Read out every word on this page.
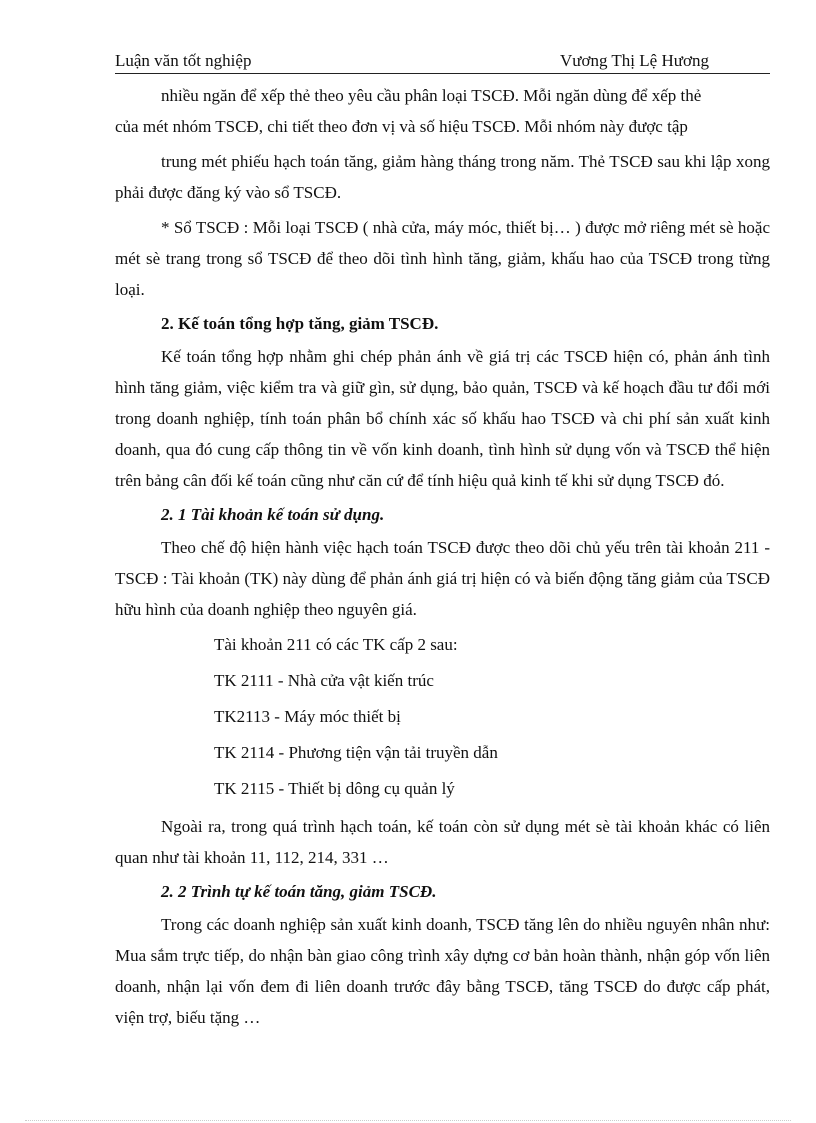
Luận văn tốt nghiệp	Vương Thị Lệ Hương

nhiều ngăn để xếp thẻ theo yêu cầu phân loại TSCĐ. Mỗi ngăn dùng để xếp thẻ

của mét nhóm TSCĐ, chi tiết theo đơn vị và số hiệu TSCĐ. Mỗi nhóm này được tập

trung mét phiếu hạch toán tăng, giảm hàng tháng trong năm. Thẻ TSCĐ sau khi lập xong phải được đăng ký vào sổ TSCĐ.

* Sổ TSCĐ : Mỗi loại TSCĐ ( nhà cửa, máy móc, thiết bị… ) được mở riêng mét sè hoặc mét sè trang trong sổ TSCĐ để theo dõi tình hình tăng, giảm, khấu hao của TSCĐ trong từng loại.

2. Kế toán tổng hợp tăng, giảm TSCĐ.

Kế toán tổng hợp nhằm ghi chép phản ánh về giá trị các TSCĐ hiện có, phản ánh tình hình tăng giảm, việc kiểm tra và giữ gìn, sử dụng, bảo quản, TSCĐ và kế hoạch đầu tư đổi mới trong doanh nghiệp, tính toán phân bổ chính xác số khấu hao TSCĐ và chi phí sản xuất kinh doanh, qua đó cung cấp thông tin về vốn kinh doanh, tình hình sử dụng vốn và TSCĐ thể hiện trên bảng cân đối kế toán cũng như căn cứ để tính hiệu quả kinh tế khi sử dụng TSCĐ đó.

2. 1 Tài khoản kế toán sử dụng.

Theo chế độ hiện hành việc hạch toán TSCĐ được theo dõi chủ yếu trên tài khoản 211 - TSCĐ : Tài khoản (TK) này dùng để phản ánh giá trị hiện có và biến động tăng giảm của TSCĐ hữu hình của doanh nghiệp theo nguyên giá.

Tài khoản 211 có các TK cấp 2 sau:
TK 2111 - Nhà cửa vật kiến trúc
TK2113 - Máy móc thiết bị
TK 2114 - Phương tiện vận tải truyền dẫn
TK 2115 - Thiết bị dông cụ quản lý

Ngoài ra, trong quá trình hạch toán, kế toán còn sử dụng mét sè tài khoản khác có liên quan như tài khoản 11, 112, 214, 331 …

2. 2 Trình tự kế toán tăng, giảm TSCĐ.

Trong các doanh nghiệp sản xuất kinh doanh, TSCĐ tăng lên do nhiều nguyên nhân như: Mua sắm trực tiếp, do nhận bàn giao công trình xây dựng cơ bản hoàn thành, nhận góp vốn liên doanh, nhận lại vốn đem đi liên doanh trước đây bằng TSCĐ, tăng TSCĐ do được cấp phát, viện trợ, biếu tặng …
